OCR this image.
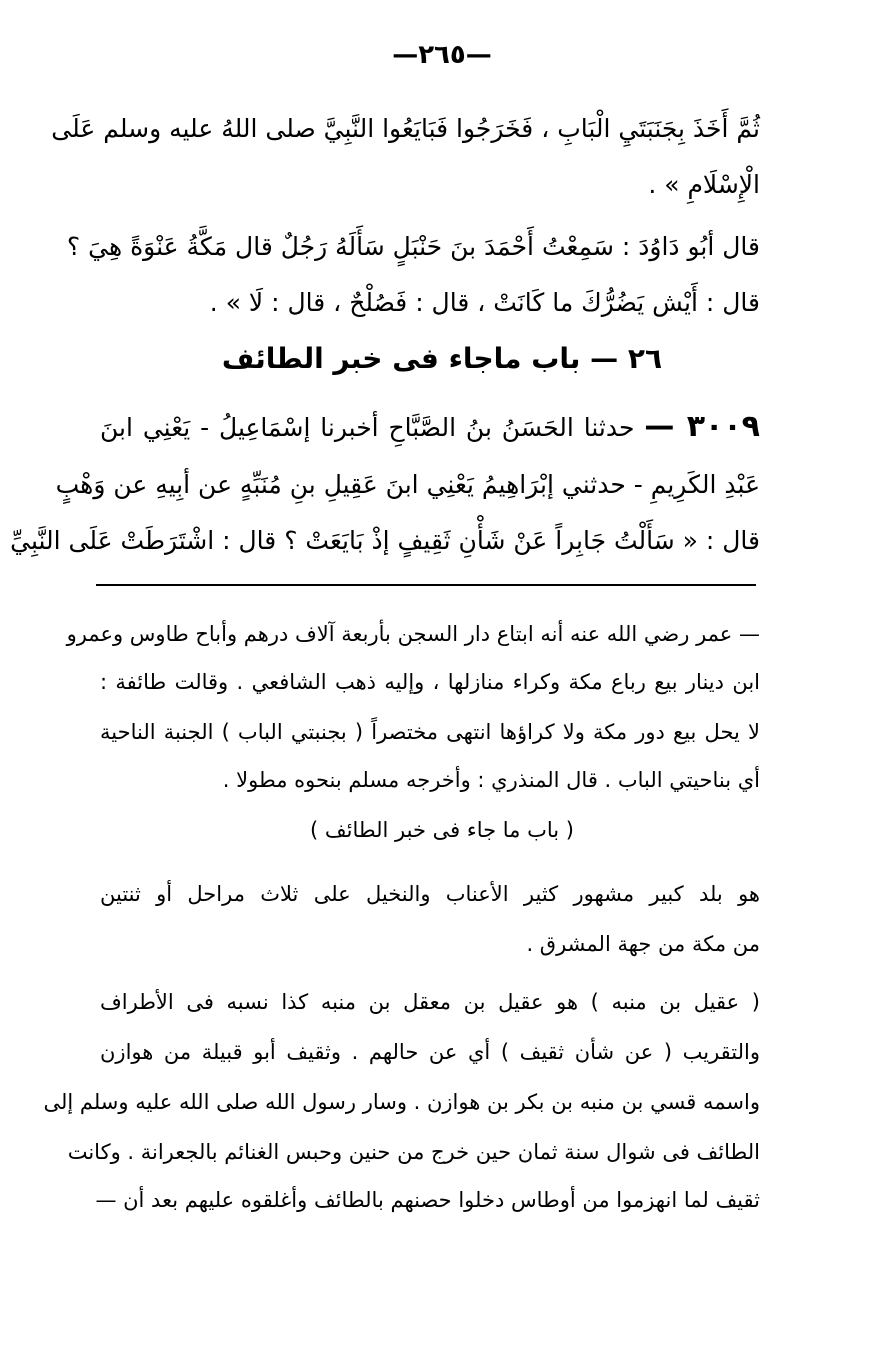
—٢٦٥—
ثُمَّ أَخَذَ بِجَنَبَتَيِ الْبَابِ ، فَخَرَجُوا فَبَايَعُوا النَّبِيَّ صلى اللهُ عليه وسلم عَلَى
الْإِسْلَامِ » .
قال أبُو دَاوُدَ : سَمِعْتُ أَحْمَدَ بنَ حَنْبَلٍ سَأَلَهُ رَجُلٌ قال مَكَّةُ عَنْوَةً هِيَ ؟
قال : أَيْش يَضُرُّكَ ما كَانَتْ ، قال : فَصُلْحٌ ، قال : لَا » .
٢٦ — باب ماجاء فى خبر الطائف
٣٠٠٩ — حدثنا الحَسَنُ بنُ الصَّبَّاحِ أخبرنا إسْمَاعِيلُ - يَعْنِي ابنَ
عَبْدِ الكَرِيمِ - حدثني إبْرَاهِيمُ يَعْنِي ابنَ عَقِيلِ بنِ مُنَبِّهٍ عن أبِيهِ عن وَهْبٍ
قال : « سَأَلْتُ جَابِراً عَنْ شَأْنِ ثَقِيفٍ إذْ بَايَعَتْ ؟ قال : اشْتَرَطَتْ عَلَى النَّبِيِّ
— عمر رضي الله عنه أنه ابتاع دار السجن بأربعة آلاف درهم وأباح طاوس وعمرو
ابن دينار بيع رباع مكة وكراء منازلها ، وإليه ذهب الشافعي . وقالت طائفة :
لا يحل بيع دور مكة ولا كراؤها انتهى مختصراً ( بجنبتي الباب ) الجنبة الناحية
أي بناحيتي الباب . قال المنذري : وأخرجه مسلم بنحوه مطولا .
( باب ما جاء فى خبر الطائف )
هو بلد كبير مشهور كثير الأعناب والنخيل على ثلاث مراحل أو ثنتين
من مكة من جهة المشرق .
( عقيل بن منبه ) هو عقيل بن معقل بن منبه كذا نسبه فى الأطراف
والتقريب ( عن شأن ثقيف ) أي عن حالهم . وثقيف أبو قبيلة من هوازن
واسمه قسي بن منبه بن بكر بن هوازن . وسار رسول الله صلى الله عليه وسلم إلى
الطائف فى شوال سنة ثمان حين خرج من حنين وحبس الغنائم بالجعرانة . وكانت
ثقيف لما انهزموا من أوطاس دخلوا حصنهم بالطائف وأغلقوه عليهم بعد أن —
